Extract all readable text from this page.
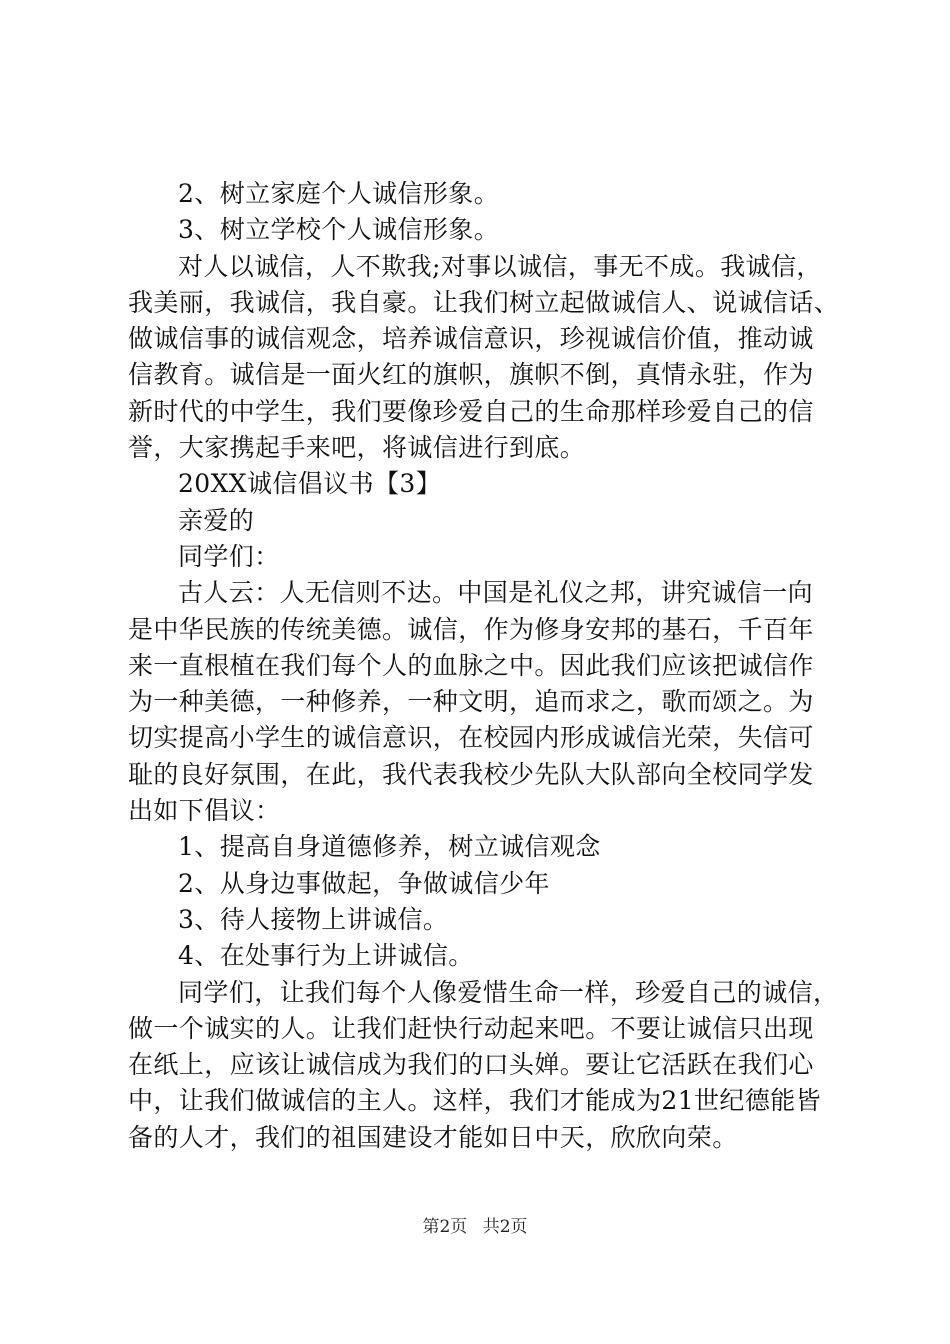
2、树立家庭个人诚信形象。

3、树立学校个人诚信形象。

对人以诚信，人不欺我;对事以诚信，事无不成。我诚信，

我美丽，我诚信，我自豪。让我们树立起做诚信人、说诚信话、

做诚信事的诚信观念，培养诚信意识，珍视诚信价值，推动诚

信教育。诚信是一面火红的旗帜，旗帜不倒，真情永驻，作为

新时代的中学生，我们要像珍爱自己的生命那样珍爱自己的信

誉，大家携起手来吧，将诚信进行到底。

20XX诚信倡议书【3】

亲爱的

同学们：

古人云：人无信则不达。中国是礼仪之邦，讲究诚信一向

是中华民族的传统美德。诚信，作为修身安邦的基石，千百年

来一直根植在我们每个人的血脉之中。因此我们应该把诚信作

为一种美德，一种修养，一种文明，追而求之，歌而颂之。为

切实提高小学生的诚信意识，在校园内形成诚信光荣，失信可

耻的良好氛围，在此，我代表我校少先队大队部向全校同学发

出如下倡议：

1、提高自身道德修养，树立诚信观念

2、从身边事做起，争做诚信少年

3、待人接物上讲诚信。

4、在处事行为上讲诚信。

同学们，让我们每个人像爱惜生命一样，珍爱自己的诚信，

做一个诚实的人。让我们赶快行动起来吧。不要让诚信只出现

在纸上，应该让诚信成为我们的口头婵。要让它活跃在我们心

中，让我们做诚信的主人。这样，我们才能成为21世纪德能皆

备的人才，我们的祖国建设才能如日中天，欣欣向荣。

第2页 共2页
